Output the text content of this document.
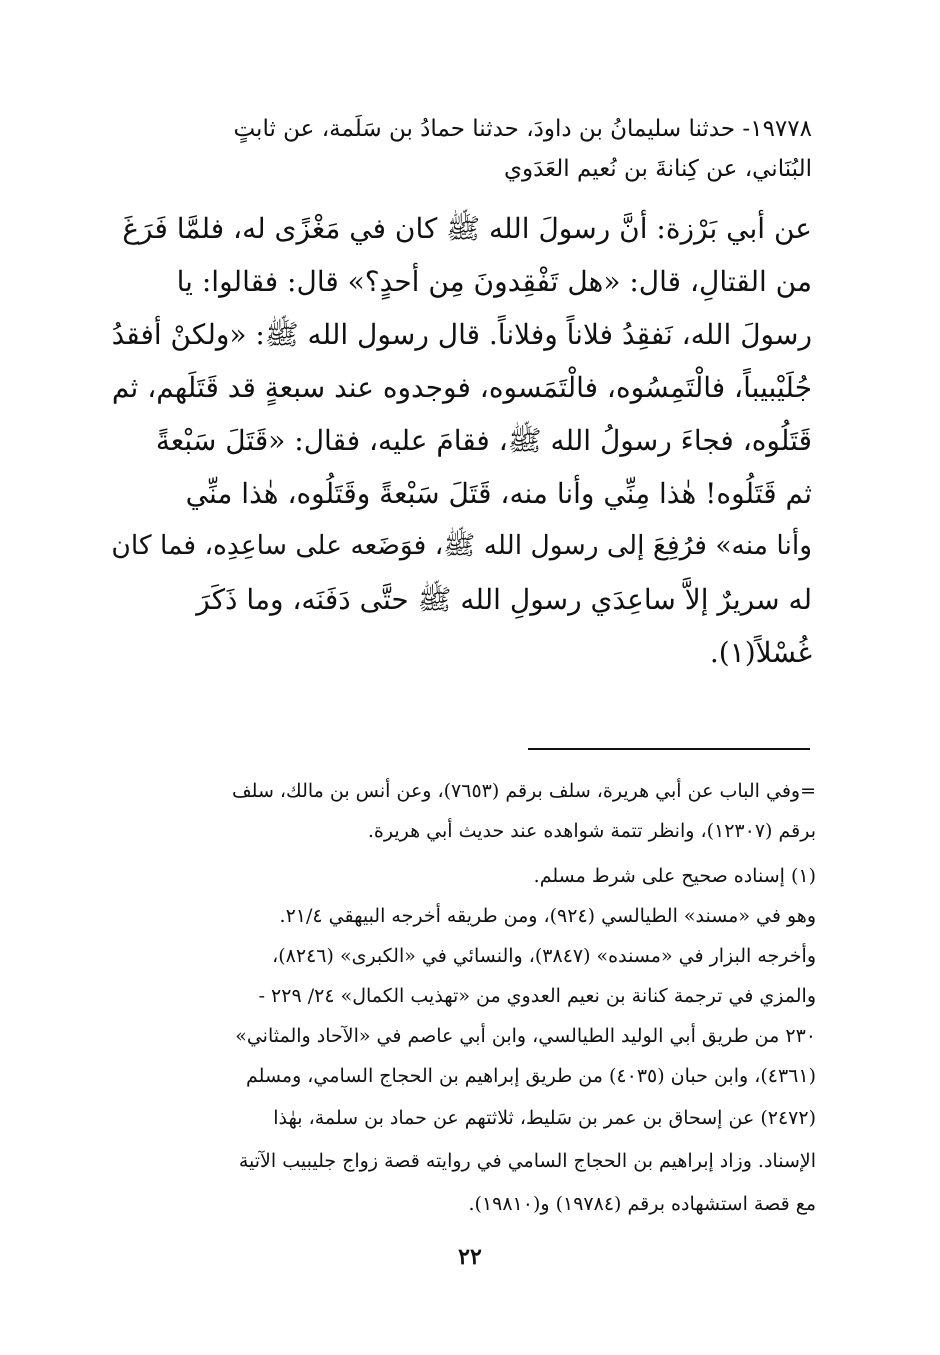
١٩٧٧٨- حدثنا سليمانُ بن داودَ، حدثنا حمادُ بن سَلَمة، عن ثابتٍ
البُنَاني، عن كِنانةَ بن نُعيم العَدَوي
عن أبي بَرْزة: أنَّ رسولَ الله ﷺ كان في مَغْزًى له، فلمَّا فَرَغَ
من القتالِ، قال: «هل تَفْقِدونَ مِن أحدٍ؟» قال: فقالوا: يا
رسولَ الله، نَفقِدُ فلاناً وفلاناً. قال رسول الله ﷺ: «ولكنْ أفقدُ
جُلَيْبيباً، فالْتَمِسُوه، فالْتَمَسوه، فوجدوه عند سبعةٍ قد قَتَلَهم، ثم
قَتَلُوه، فجاءَ رسولُ الله ﷺ، فقامَ عليه، فقال: «قَتَلَ سَبْعةً
ثم قَتَلُوه! هٰذا مِنِّي وأنا منه، قَتَلَ سَبْعةً وقَتَلُوه، هٰذا منِّي
وأنا منه» فرُفِعَ إلى رسول الله ﷺ، فوَضَعه على ساعِدِه، فما كان
له سريرٌ إلاَّ ساعِدَي رسولِ الله ﷺ حتَّى دَفَنَه، وما ذَكَرَ
غُسْلاً(١).
=وفي الباب عن أبي هريرة، سلف برقم (٧٦٥٣)، وعن أنس بن مالك، سلف
برقم (١٢٣٠٧)، وانظر تتمة شواهده عند حديث أبي هريرة.
(١) إسناده صحيح على شرط مسلم.
وهو في «مسند» الطيالسي (٩٢٤)، ومن طريقه أخرجه البيهقي ٢١/٤.
وأخرجه البزار في «مسنده» (٣٨٤٧)، والنسائي في «الكبرى» (٨٢٤٦)،
والمزي في ترجمة كنانة بن نعيم العدوي من «تهذيب الكمال» ٢٤/ ٢٢٩ -
٢٣٠ من طريق أبي الوليد الطيالسي، وابن أبي عاصم في «الآحاد والمثاني»
(٤٣٦١)، وابن حبان (٤٠٣٥) من طريق إبراهيم بن الحجاج السامي، ومسلم
(٢٤٧٢) عن إسحاق بن عمر بن سَليط، ثلاثتهم عن حماد بن سلمة، بهٰذا
الإسناد. وزاد إبراهيم بن الحجاج السامي في روايته قصة زواج جليبيب الآتية
مع قصة استشهاده برقم (١٩٧٨٤) و(١٩٨١٠).
٢٢
